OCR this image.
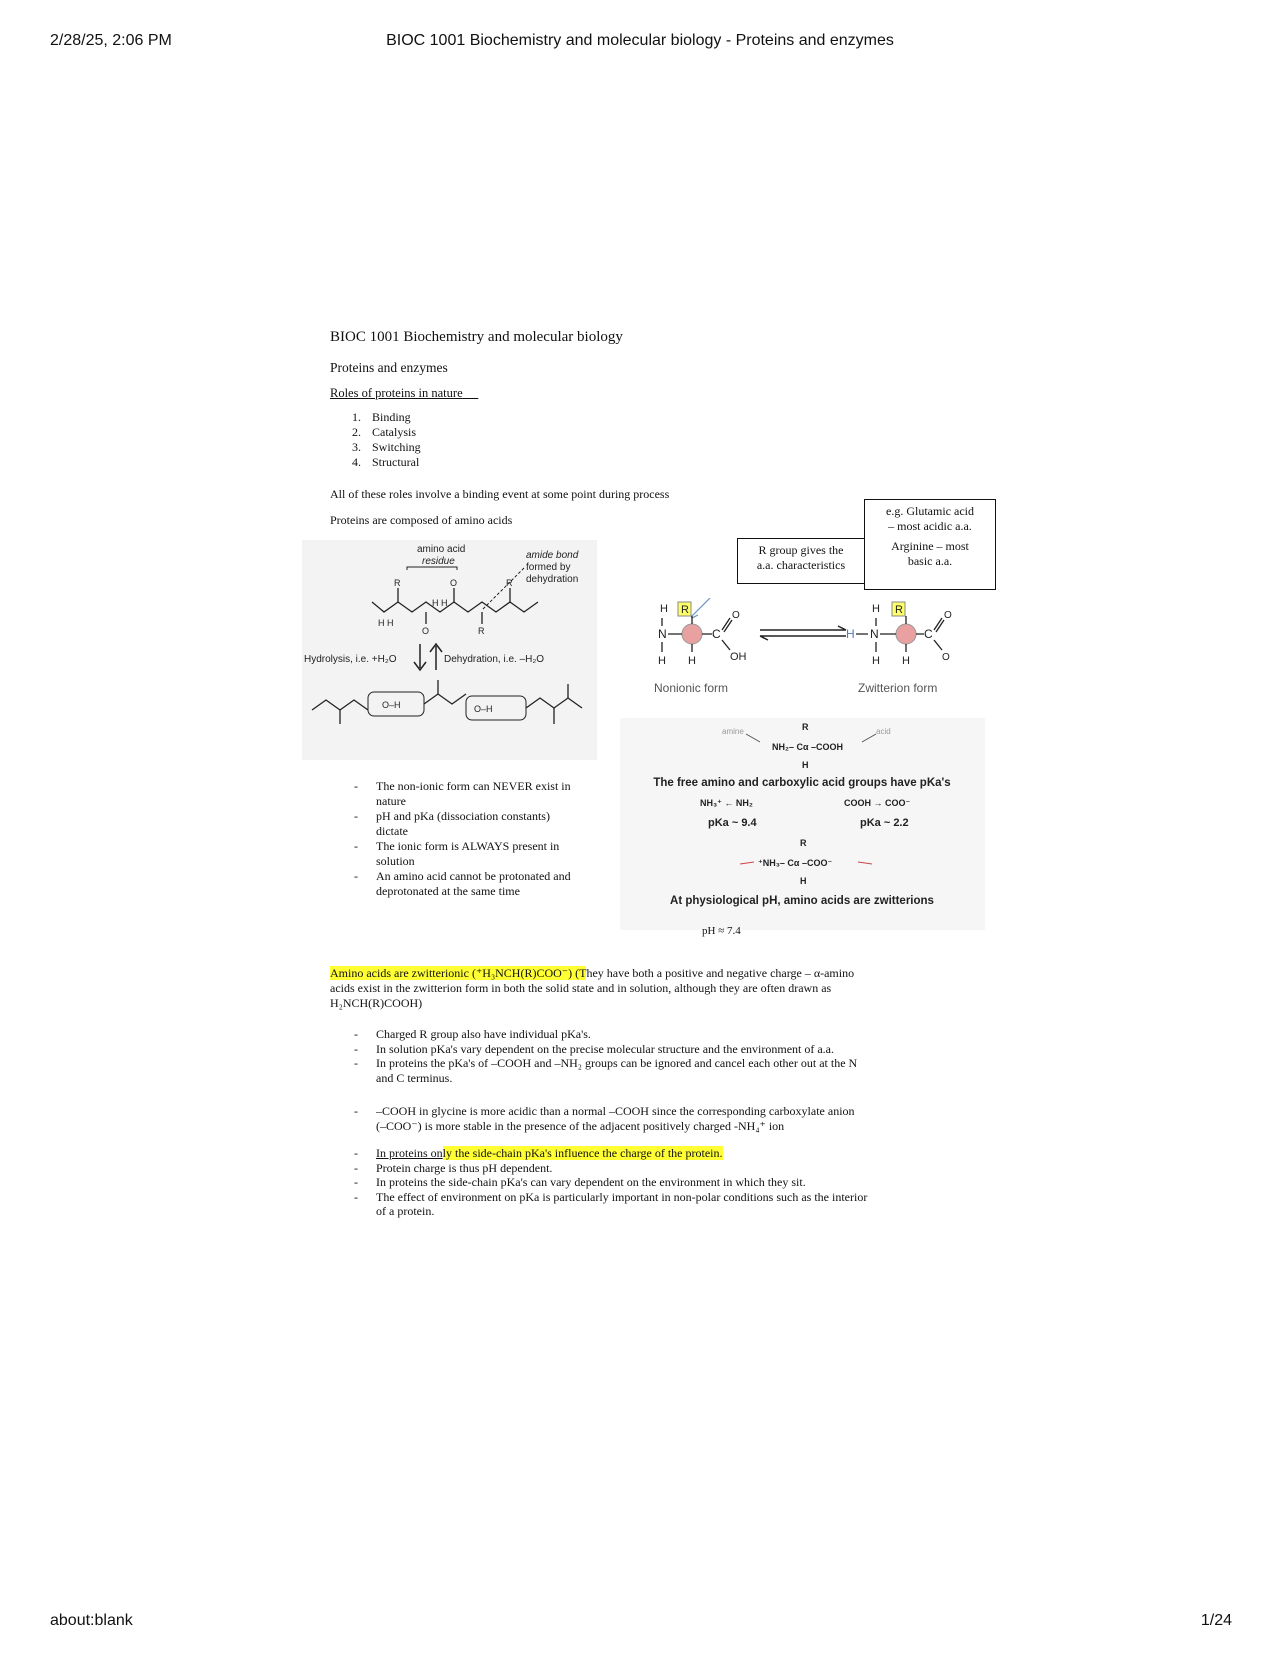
2/28/25, 2:06 PM	BIOC 1001 Biochemistry and molecular biology - Proteins and enzymes
BIOC 1001 Biochemistry and molecular biology
Proteins and enzymes
Roles of proteins in nature
1. Binding
2. Catalysis
3. Switching
4. Structural
All of these roles involve a binding event at some point during process
Proteins are composed of amino acids
R group gives the
a.a. characteristics
e.g. Glutamic acid
– most acidic a.a.
Arginine – most
basic a.a.
amino acid
residue
amide bond
formed by
dehydration
R	O	R
O	R
H H
H H
Hydrolysis, i.e. +H₂O	Dehydration, i.e. –H₂O
O–H	O–H
H R
N	C
O
OH
H H
H R
H N	C
O
O
H H
Nonionic form	Zwitterion form
amine	acid
R
NH₂– Cα –COOH
H
The free amino and carboxylic acid groups have pKa's
NH₃⁺ ← NH₂	COOH → COO⁻
pKa ~ 9.4	pKa ~ 2.2
R
⁺NH₃– Cα –COO⁻
H
At physiological pH, amino acids are zwitterions
pH ≈ 7.4
- The non-ionic form can NEVER exist in
nature
- pH and pKa (dissociation constants)
dictate
- The ionic form is ALWAYS present in
solution
- An amino acid cannot be protonated and
deprotonated at the same time
Amino acids are zwitterionic (⁺H₃NCH(R)COO⁻) (They have both a positive and negative charge – α-amino
acids exist in the zwitterion form in both the solid state and in solution, although they are often drawn as
H₂NCH(R)COOH)
- Charged R group also have individual pKa's.
- In solution pKa's vary dependent on the precise molecular structure and the environment of a.a.
- In proteins the pKa's of –COOH and –NH₂ groups can be ignored and cancel each other out at the N
and C terminus.
- –COOH in glycine is more acidic than a normal –COOH since the corresponding carboxylate anion
(–COO⁻) is more stable in the presence of the adjacent positively charged -NH₄⁺ ion
- In proteins only the side-chain pKa's influence the charge of the protein.
- Protein charge is thus pH dependent.
- In proteins the side-chain pKa's can vary dependent on the environment in which they sit.
- The effect of environment on pKa is particularly important in non-polar conditions such as the interior
of a protein.
about:blank	1/24
